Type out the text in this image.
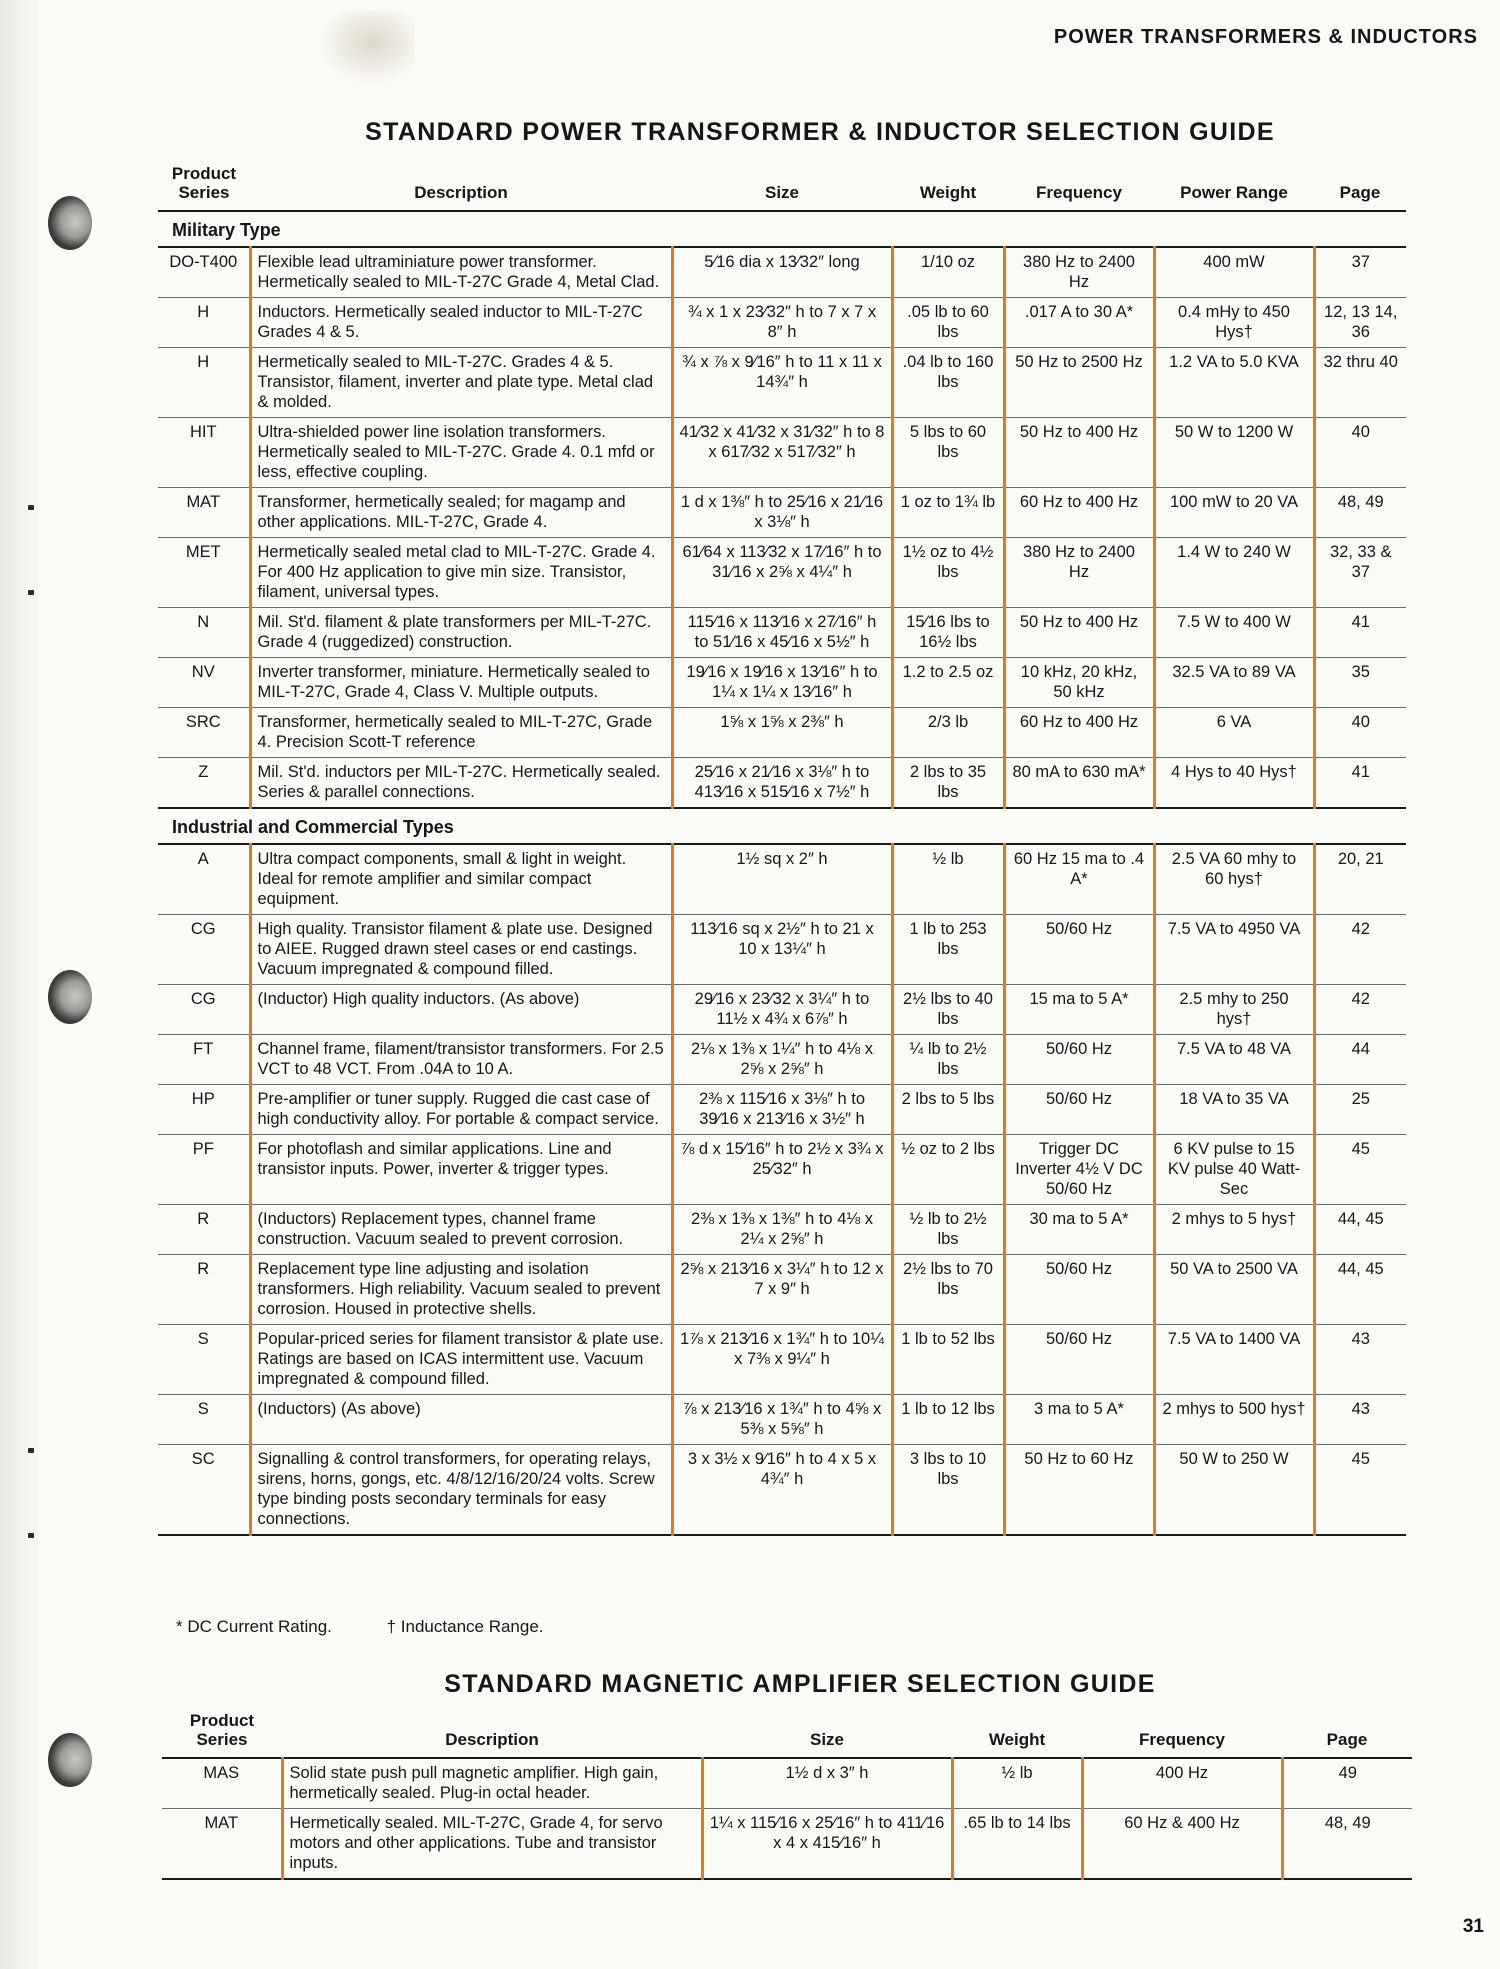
POWER TRANSFORMERS & INDUCTORS
STANDARD POWER TRANSFORMER & INDUCTOR SELECTION GUIDE
Product Series	Description	Size	Weight	Frequency	Power Range	Page
Military Type						
DO-T400	Flexible lead ultraminiature power transformer. Hermetically sealed to MIL-T-27C Grade 4, Metal Clad.	5⁄16 dia x 13⁄32″ long	1/10 oz	380 Hz to 2400 Hz	400 mW	37
H	Inductors. Hermetically sealed inductor to MIL-T-27C Grades 4 & 5.	¾ x 1 x 23⁄32″ h to 7 x 7 x 8″ h	.05 lb to 60 lbs	.017 A to 30 A*	0.4 mHy to 450 Hys†	12, 13 14, 36
H	Hermetically sealed to MIL-T-27C. Grades 4 & 5. Transistor, filament, inverter and plate type. Metal clad & molded.	¾ x ⅞ x 9⁄16″ h to 11 x 11 x 14¾″ h	.04 lb to 160 lbs	50 Hz to 2500 Hz	1.2 VA to 5.0 KVA	32 thru 40
HIT	Ultra-shielded power line isolation transformers. Hermetically sealed to MIL-T-27C. Grade 4. 0.1 mfd or less, effective coupling.	41⁄32 x 41⁄32 x 31⁄32″ h to 8 x 617⁄32 x 517⁄32″ h	5 lbs to 60 lbs	50 Hz to 400 Hz	50 W to 1200 W	40
MAT	Transformer, hermetically sealed; for magamp and other applications. MIL-T-27C, Grade 4.	1 d x 1⅜″ h to 25⁄16 x 21⁄16 x 3⅛″ h	1 oz to 1¾ lb	60 Hz to 400 Hz	100 mW to 20 VA	48, 49
MET	Hermetically sealed metal clad to MIL-T-27C. Grade 4. For 400 Hz application to give min size. Transistor, filament, universal types.	61⁄64 x 113⁄32 x 17⁄16″ h to 31⁄16 x 2⅝ x 4¼″ h	1½ oz to 4½ lbs	380 Hz to 2400 Hz	1.4 W to 240 W	32, 33 & 37
N	Mil. St'd. filament & plate transformers per MIL-T-27C. Grade 4 (ruggedized) construction.	115⁄16 x 113⁄16 x 27⁄16″ h to 51⁄16 x 45⁄16 x 5½″ h	15⁄16 lbs to 16½ lbs	50 Hz to 400 Hz	7.5 W to 400 W	41
NV	Inverter transformer, miniature. Hermetically sealed to MIL-T-27C, Grade 4, Class V. Multiple outputs.	19⁄16 x 19⁄16 x 13⁄16″ h to 1¼ x 1¼ x 13⁄16″ h	1.2 to 2.5 oz	10 kHz, 20 kHz, 50 kHz	32.5 VA to 89 VA	35
SRC	Transformer, hermetically sealed to MIL-T-27C, Grade 4. Precision Scott-T reference	1⅝ x 1⅝ x 2⅜″ h	2/3 lb	60 Hz to 400 Hz	6 VA	40
Z	Mil. St'd. inductors per MIL-T-27C. Hermetically sealed. Series & parallel connections.	25⁄16 x 21⁄16 x 3⅛″ h to 413⁄16 x 515⁄16 x 7½″ h	2 lbs to 35 lbs	80 mA to 630 mA*	4 Hys to 40 Hys†	41
Industrial and Commercial Types						
A	Ultra compact components, small & light in weight. Ideal for remote amplifier and similar compact equipment.	1½ sq x 2″ h	½ lb	60 Hz 15 ma to .4 A*	2.5 VA 60 mhy to 60 hys†	20, 21
CG	High quality. Transistor filament & plate use. Designed to AIEE. Rugged drawn steel cases or end castings. Vacuum impregnated & compound filled.	113⁄16 sq x 2½″ h to 21 x 10 x 13¼″ h	1 lb to 253 lbs	50/60 Hz	7.5 VA to 4950 VA	42
CG	(Inductor) High quality inductors. (As above)	29⁄16 x 23⁄32 x 3¼″ h to 11½ x 4¾ x 6⅞″ h	2½ lbs to 40 lbs	15 ma to 5 A*	2.5 mhy to 250 hys†	42
FT	Channel frame, filament/transistor transformers. For 2.5 VCT to 48 VCT. From .04A to 10 A.	2⅛ x 1⅜ x 1¼″ h to 4⅛ x 2⅝ x 2⅝″ h	¼ lb to 2½ lbs	50/60 Hz	7.5 VA to 48 VA	44
HP	Pre-amplifier or tuner supply. Rugged die cast case of high conductivity alloy. For portable & compact service.	2⅜ x 115⁄16 x 3⅛″ h to 39⁄16 x 213⁄16 x 3½″ h	2 lbs to 5 lbs	50/60 Hz	18 VA to 35 VA	25
PF	For photoflash and similar applications. Line and transistor inputs. Power, inverter & trigger types.	⅞ d x 15⁄16″ h to 2½ x 3¾ x 25⁄32″ h	½ oz to 2 lbs	Trigger DC Inverter 4½ V DC 50/60 Hz	6 KV pulse to 15 KV pulse 40 Watt-Sec	45
R	(Inductors) Replacement types, channel frame construction. Vacuum sealed to prevent corrosion.	2⅜ x 1⅜ x 1⅜″ h to 4⅛ x 2¼ x 2⅝″ h	½ lb to 2½ lbs	30 ma to 5 A*	2 mhys to 5 hys†	44, 45
R	Replacement type line adjusting and isolation transformers. High reliability. Vacuum sealed to prevent corrosion. Housed in protective shells.	2⅝ x 213⁄16 x 3¼″ h to 12 x 7 x 9″ h	2½ lbs to 70 lbs	50/60 Hz	50 VA to 2500 VA	44, 45
S	Popular-priced series for filament transistor & plate use. Ratings are based on ICAS intermittent use. Vacuum impregnated & compound filled.	1⅞ x 213⁄16 x 1¾″ h to 10¼ x 7⅜ x 9¼″ h	1 lb to 52 lbs	50/60 Hz	7.5 VA to 1400 VA	43
S	(Inductors) (As above)	⅞ x 213⁄16 x 1¾″ h to 4⅝ x 5⅜ x 5⅝″ h	1 lb to 12 lbs	3 ma to 5 A*	2 mhys to 500 hys†	43
SC	Signalling & control transformers, for operating relays, sirens, horns, gongs, etc. 4/8/12/16/20/24 volts. Screw type binding posts secondary terminals for easy connections.	3 x 3½ x 9⁄16″ h to 4 x 5 x 4¾″ h	3 lbs to 10 lbs	50 Hz to 60 Hz	50 W to 250 W	45
* DC Current Rating.	† Inductance Range.
STANDARD MAGNETIC AMPLIFIER SELECTION GUIDE
Product Series	Description	Size	Weight	Frequency	Page
MAS	Solid state push pull magnetic amplifier. High gain, hermetically sealed. Plug-in octal header.	1½ d x 3″ h	½ lb	400 Hz	49
MAT	Hermetically sealed. MIL-T-27C, Grade 4, for servo motors and other applications. Tube and transistor inputs.	1¼ x 115⁄16 x 25⁄16″ h to 411⁄16 x 4 x 415⁄16″ h	.65 lb to 14 lbs	60 Hz & 400 Hz	48, 49
31
